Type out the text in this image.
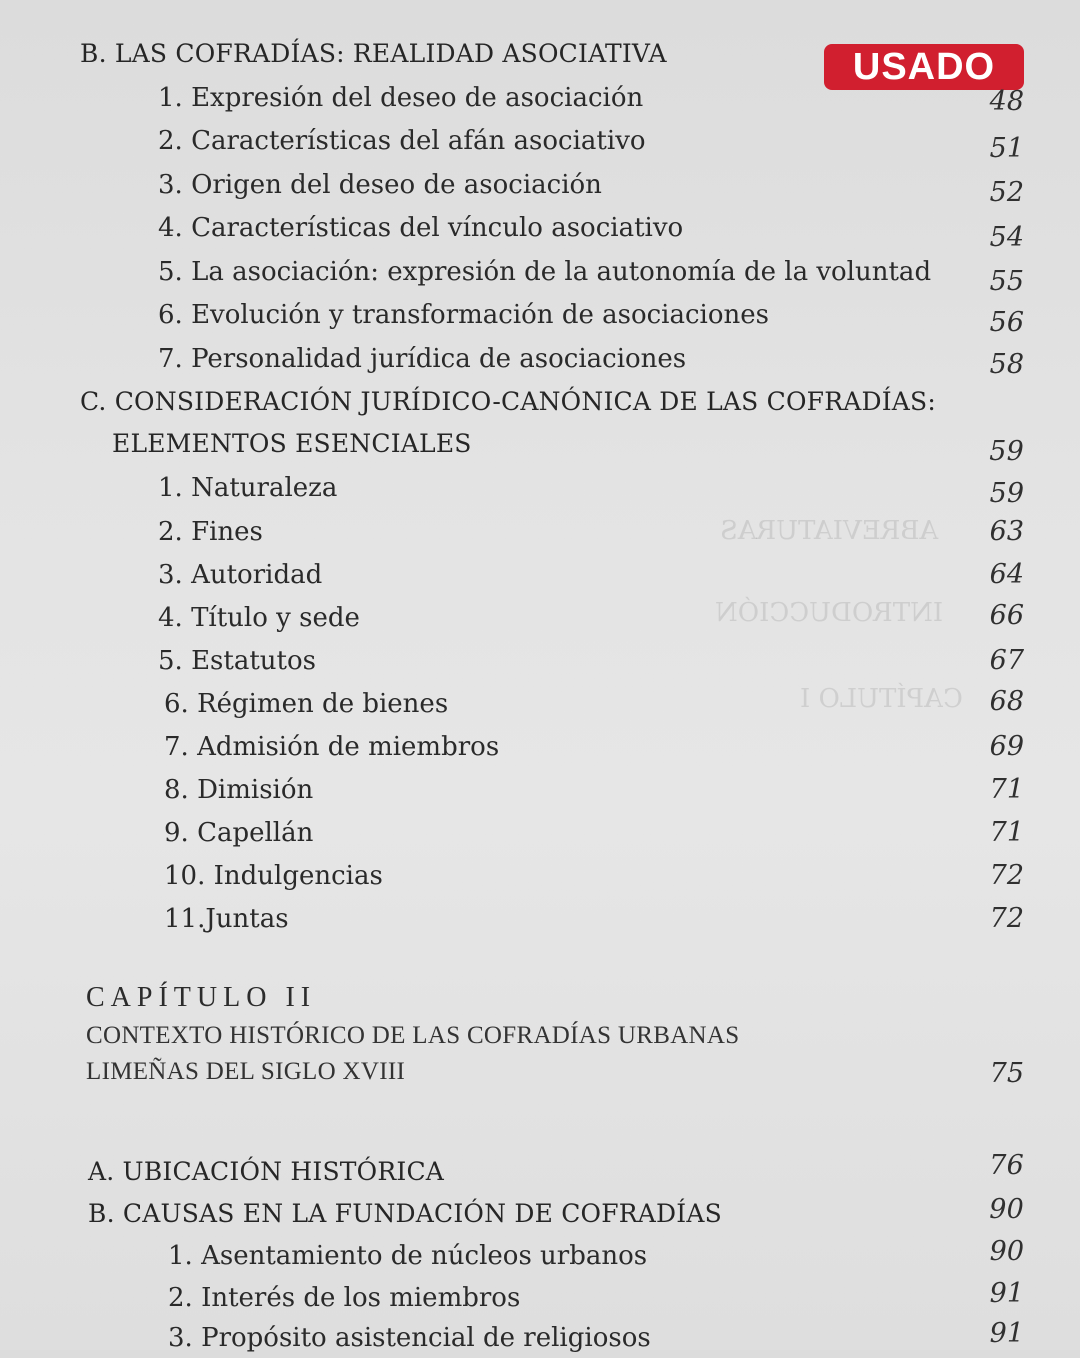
ABREVIATURAS
INTRODUCCIÓN
CAPÍTULO I
USADO
B. LAS COFRADÍAS: REALIDAD ASOCIATIVA
1. Expresión del deseo de asociación	48
2. Características del afán asociativo	51
3. Origen del deseo de asociación	52
4. Características del vínculo asociativo	54
5. La asociación: expresión de la autonomía de la voluntad	55
6. Evolución y transformación de asociaciones	56
7. Personalidad jurídica de asociaciones	58
C. CONSIDERACIÓN JURÍDICO-CANÓNICA DE LAS COFRADÍAS:
ELEMENTOS ESENCIALES	59
1. Naturaleza	59
2. Fines	63
3. Autoridad	64
4. Título y sede	66
5. Estatutos	67
6. Régimen de bienes	68
7. Admisión de miembros	69
8. Dimisión	71
9. Capellán	71
10. Indulgencias	72
11.Juntas	72
CAPÍTULO II
CONTEXTO HISTÓRICO DE LAS COFRADÍAS URBANAS
LIMEÑAS DEL SIGLO XVIII	75
A. UBICACIÓN HISTÓRICA	76
B. CAUSAS EN LA FUNDACIÓN DE COFRADÍAS	90
1. Asentamiento de núcleos urbanos	90
2. Interés de los miembros	91
3. Propósito asistencial de religiosos	91
